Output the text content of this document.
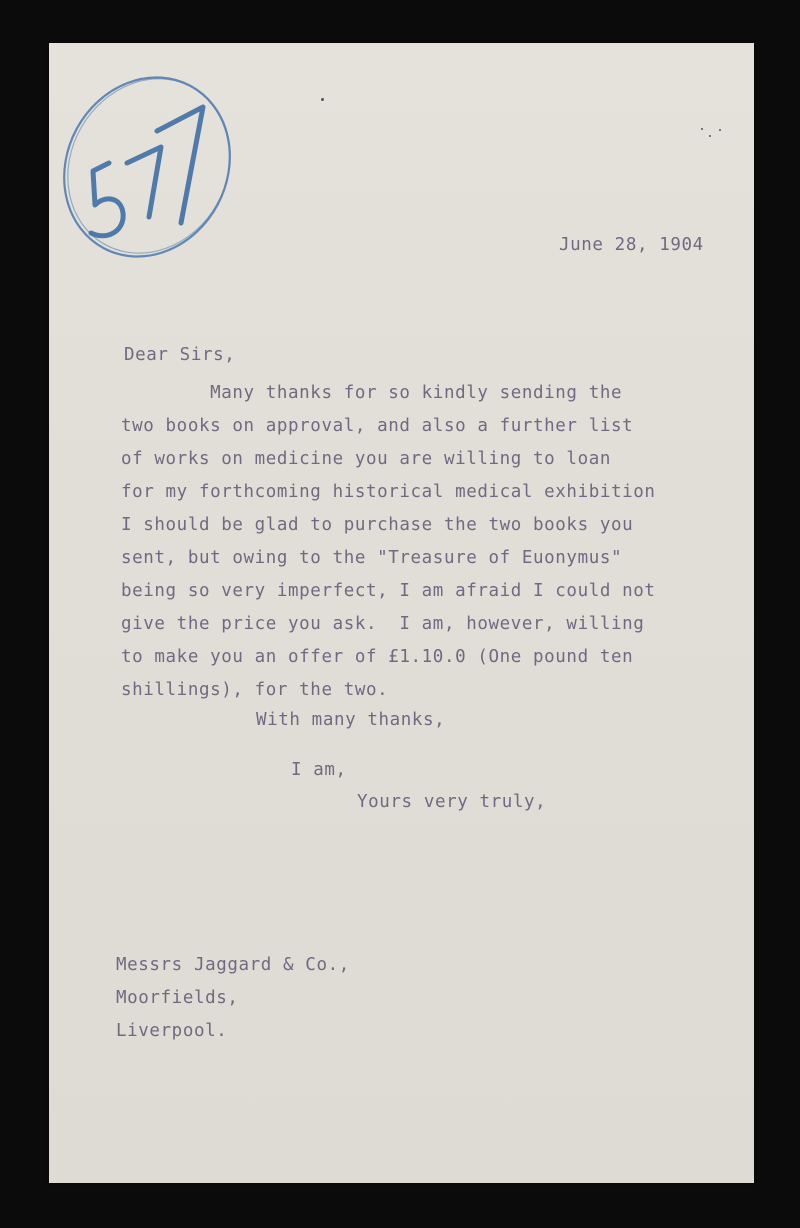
June 28, 1904

Dear Sirs,

Many thanks for so kindly sending the

two books on approval, and also a further list

of works on medicine you are willing to loan

for my forthcoming historical medical exhibition

I should be glad to purchase the two books you

sent, but owing to the "Treasure of Euonymus"

being so very imperfect, I am afraid I could not

give the price you ask.  I am, however, willing

to make you an offer of £1.10.0 (One pound ten

shillings), for the two.

With many thanks,

I am,

Yours very truly,

Messrs Jaggard & Co.,

Moorfields,

Liverpool.
